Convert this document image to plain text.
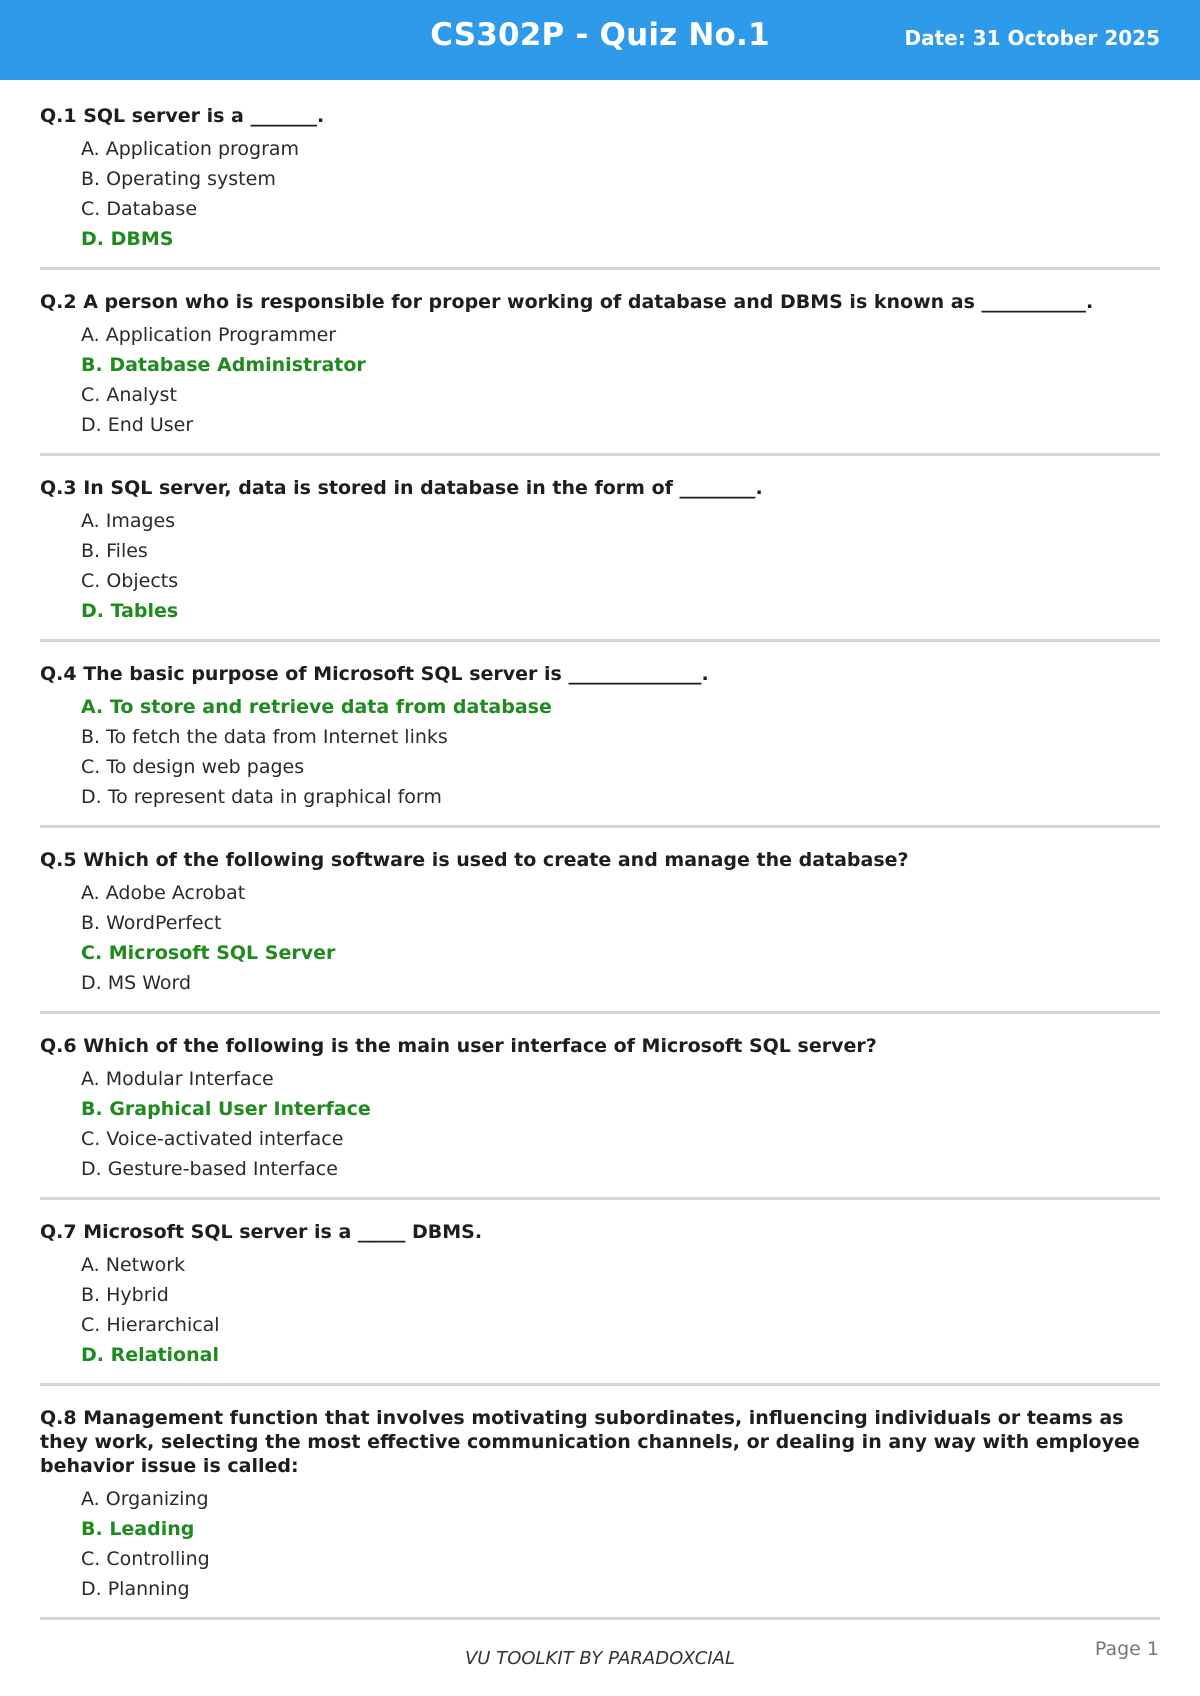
CS302P - Quiz No.1	Date: 31 October 2025
Q.1 SQL server is a _______.
A. Application program
B. Operating system
C. Database
D. DBMS
Q.2 A person who is responsible for proper working of database and DBMS is known as ___________.
A. Application Programmer
B. Database Administrator
C. Analyst
D. End User
Q.3 In SQL server, data is stored in database in the form of ________.
A. Images
B. Files
C. Objects
D. Tables
Q.4 The basic purpose of Microsoft SQL server is ______________.
A. To store and retrieve data from database
B. To fetch the data from Internet links
C. To design web pages
D. To represent data in graphical form
Q.5 Which of the following software is used to create and manage the database?
A. Adobe Acrobat
B. WordPerfect
C. Microsoft SQL Server
D. MS Word
Q.6 Which of the following is the main user interface of Microsoft SQL server?
A. Modular Interface
B. Graphical User Interface
C. Voice-activated interface
D. Gesture-based Interface
Q.7 Microsoft SQL server is a _____ DBMS.
A. Network
B. Hybrid
C. Hierarchical
D. Relational
Q.8 Management function that involves motivating subordinates, influencing individuals or teams as they work, selecting the most effective communication channels, or dealing in any way with employee behavior issue is called:
A. Organizing
B. Leading
C. Controlling
D. Planning
VU TOOLKIT BY PARADOXCIAL	Page 1
